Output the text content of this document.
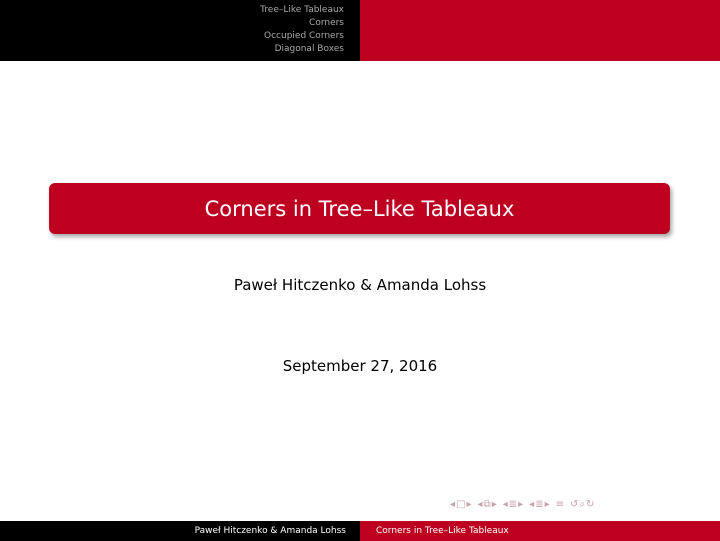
Tree–Like Tableaux
Corners
Occupied Corners
Diagonal Boxes
Corners in Tree–Like Tableaux
Paweł Hitczenko & Amanda Lohss
September 27, 2016
◂ □ ▸ ◂ ⧉ ▸ ◂ ≣ ▸ ◂ ≣ ▸ ≡ ↺ ⌕ ↻
Paweł Hitczenko & Amanda Lohss	Corners in Tree–Like Tableaux
